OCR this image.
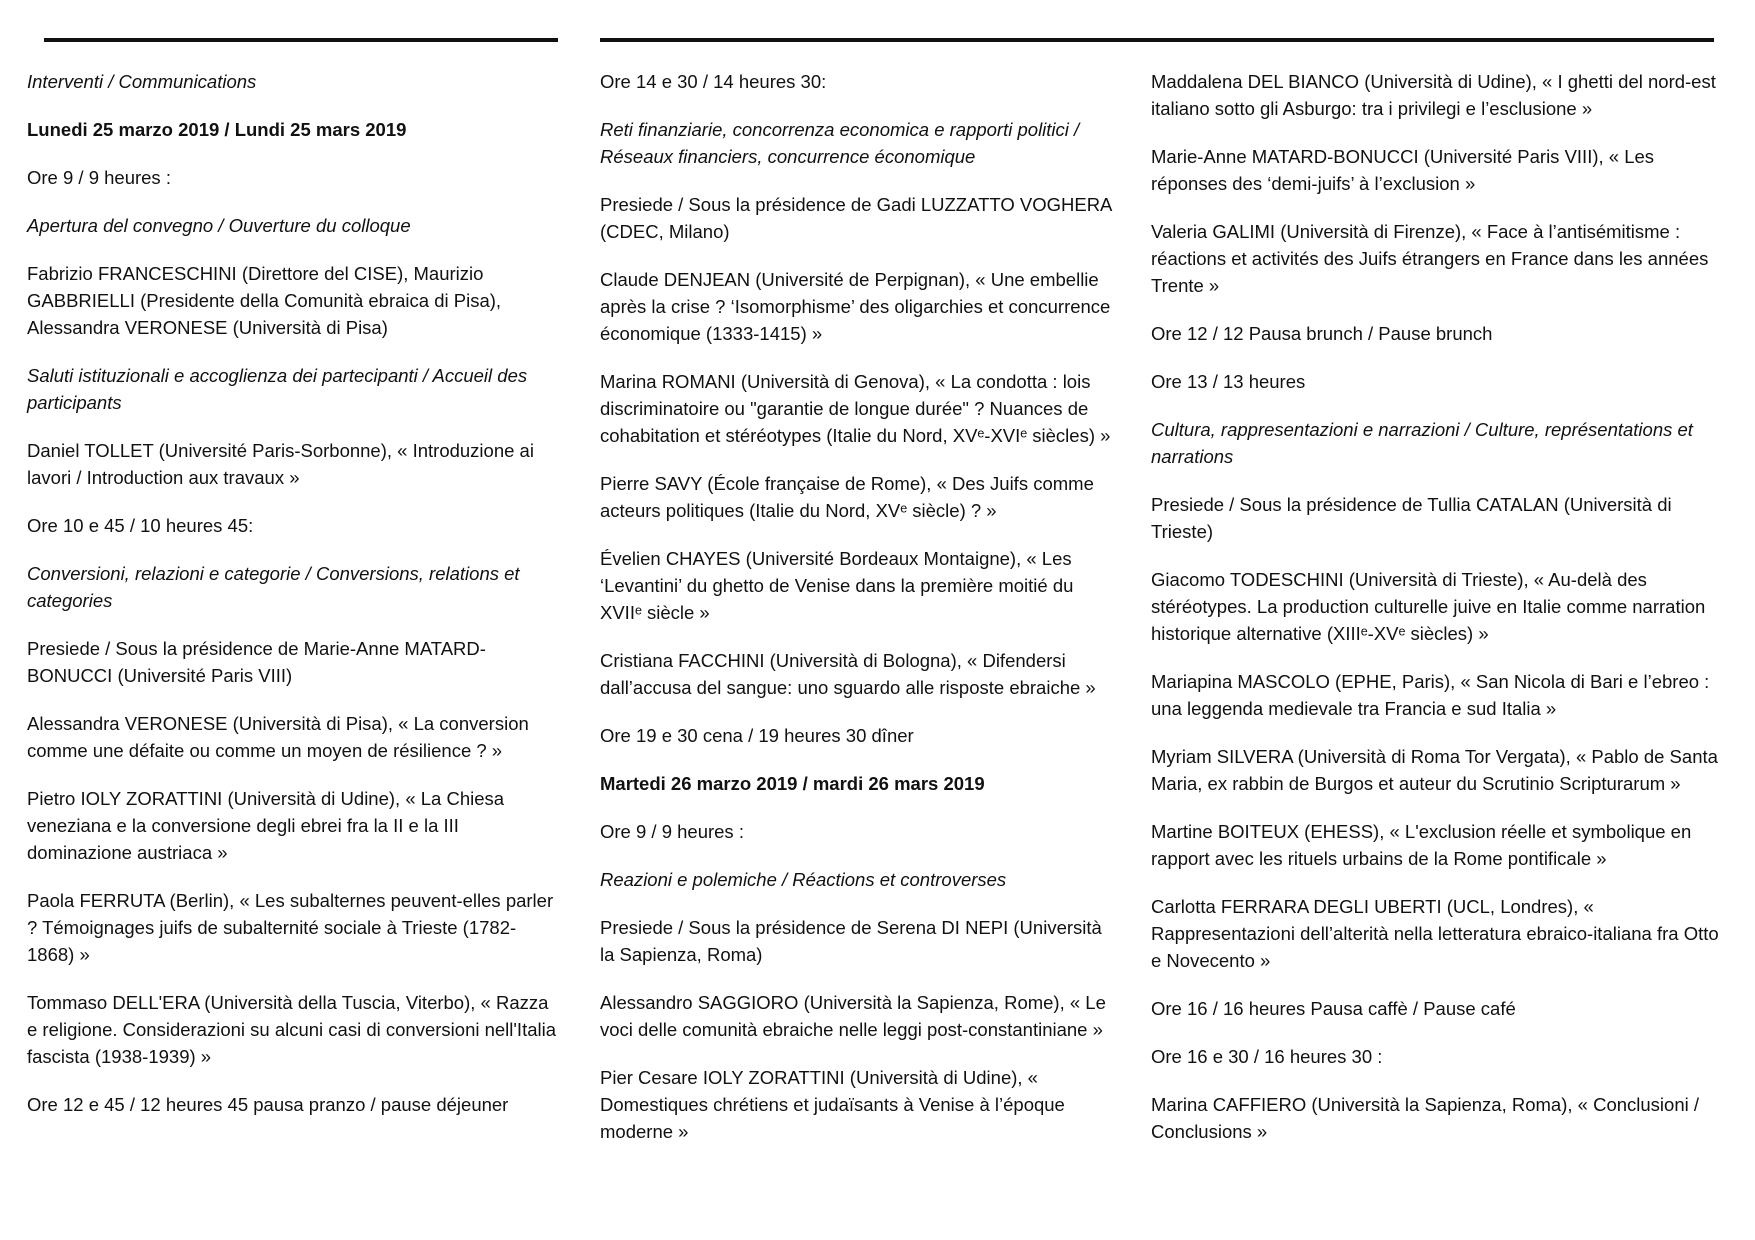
Interventi / Communications

Lunedi 25 marzo 2019 / Lundi 25 mars 2019

Ore 9 / 9 heures :

Apertura del convegno / Ouverture du colloque

Fabrizio FRANCESCHINI (Direttore del CISE), Maurizio GABBRIELLI (Presidente della Comunità ebraica di Pisa), Alessandra VERONESE (Università di Pisa)

Saluti istituzionali e accoglienza dei partecipanti / Accueil des participants

Daniel TOLLET (Université Paris-Sorbonne), « Introduzione ai lavori / Introduction aux travaux »

Ore 10 e 45 / 10 heures 45:

Conversioni, relazioni e categorie / Conversions, relations et categories

Presiede / Sous la présidence de Marie-Anne MATARD-BONUCCI (Université Paris VIII)

Alessandra VERONESE (Università di Pisa), « La conversion comme une défaite ou comme un moyen de résilience ? »

Pietro IOLY ZORATTINI (Università di Udine), « La Chiesa veneziana e la conversione degli ebrei fra la II e la III dominazione austriaca »

Paola FERRUTA (Berlin), « Les subalternes peuvent-elles parler ? Témoignages juifs de subalternité sociale à Trieste (1782-1868) »

Tommaso DELL'ERA (Università della Tuscia, Viterbo), « Razza e religione. Considerazioni su alcuni casi di conversioni nell'Italia fascista (1938-1939) »

Ore 12 e 45 / 12 heures 45 pausa pranzo / pause déjeuner

Ore 14 e 30 / 14 heures 30:

Reti finanziarie, concorrenza economica e rapporti politici / Réseaux financiers, concurrence économique

Presiede / Sous la présidence de Gadi LUZZATTO VOGHERA (CDEC, Milano)

Claude DENJEAN (Université de Perpignan), « Une embellie après la crise ? ‘Isomorphisme’ des oligarchies et concurrence économique (1333-1415) »

Marina ROMANI (Università di Genova), « La condotta : lois discriminatoire ou "garantie de longue durée" ? Nuances de cohabitation et stéréotypes (Italie du Nord, XVᵉ-XVIᵉ siècles) »

Pierre SAVY (École française de Rome), « Des Juifs comme acteurs politiques (Italie du Nord, XVᵉ siècle) ? »

Évelien CHAYES (Université Bordeaux Montaigne), « Les ‘Levantini’ du ghetto de Venise dans la première moitié du XVIIᵉ siècle »

Cristiana FACCHINI (Università di Bologna), « Difendersi dall’accusa del sangue: uno sguardo alle risposte ebraiche »

Ore 19 e 30 cena / 19 heures 30 dîner

Martedi 26 marzo 2019 / mardi 26 mars 2019

Ore 9 / 9 heures :

Reazioni e polemiche / Réactions et controverses

Presiede / Sous la présidence de Serena DI NEPI (Università la Sapienza, Roma)

Alessandro SAGGIORO (Università la Sapienza, Rome), « Le voci delle comunità ebraiche nelle leggi post-constantiniane »

Pier Cesare IOLY ZORATTINI (Università di Udine), « Domestiques chrétiens et judaïsants à Venise à l’époque moderne »

Maddalena DEL BIANCO (Università di Udine), « I ghetti del nord-est italiano sotto gli Asburgo: tra i privilegi e l’esclusione »

Marie-Anne MATARD-BONUCCI (Université Paris VIII), « Les réponses des ‘demi-juifs’ à l’exclusion »

Valeria GALIMI (Università di Firenze), « Face à l’antisémitisme : réactions et activités des Juifs étrangers en France dans les années Trente »

Ore 12 / 12 Pausa brunch / Pause brunch

Ore 13 / 13 heures

Cultura, rappresentazioni e narrazioni / Culture, représentations et narrations

Presiede / Sous la présidence de Tullia CATALAN (Università di Trieste)

Giacomo TODESCHINI (Università di Trieste), « Au-delà des stéréotypes. La production culturelle juive en Italie comme narration historique alternative (XIIIᵉ-XVᵉ siècles) »

Mariapina MASCOLO (EPHE, Paris), « San Nicola di Bari e l’ebreo : una leggenda medievale tra Francia e sud Italia »

Myriam SILVERA (Università di Roma Tor Vergata), « Pablo de Santa Maria, ex rabbin de Burgos et auteur du Scrutinio Scripturarum »

Martine BOITEUX (EHESS), « L'exclusion réelle et symbolique en rapport avec les rituels urbains de la Rome pontificale »

Carlotta FERRARA DEGLI UBERTI (UCL, Londres), « Rappresentazioni dell’alterità nella letteratura ebraico-italiana fra Otto e Novecento »

Ore 16 / 16 heures Pausa caffè / Pause café

Ore 16 e 30 / 16 heures 30 :

Marina CAFFIERO (Università la Sapienza, Roma), « Conclusioni / Conclusions »
